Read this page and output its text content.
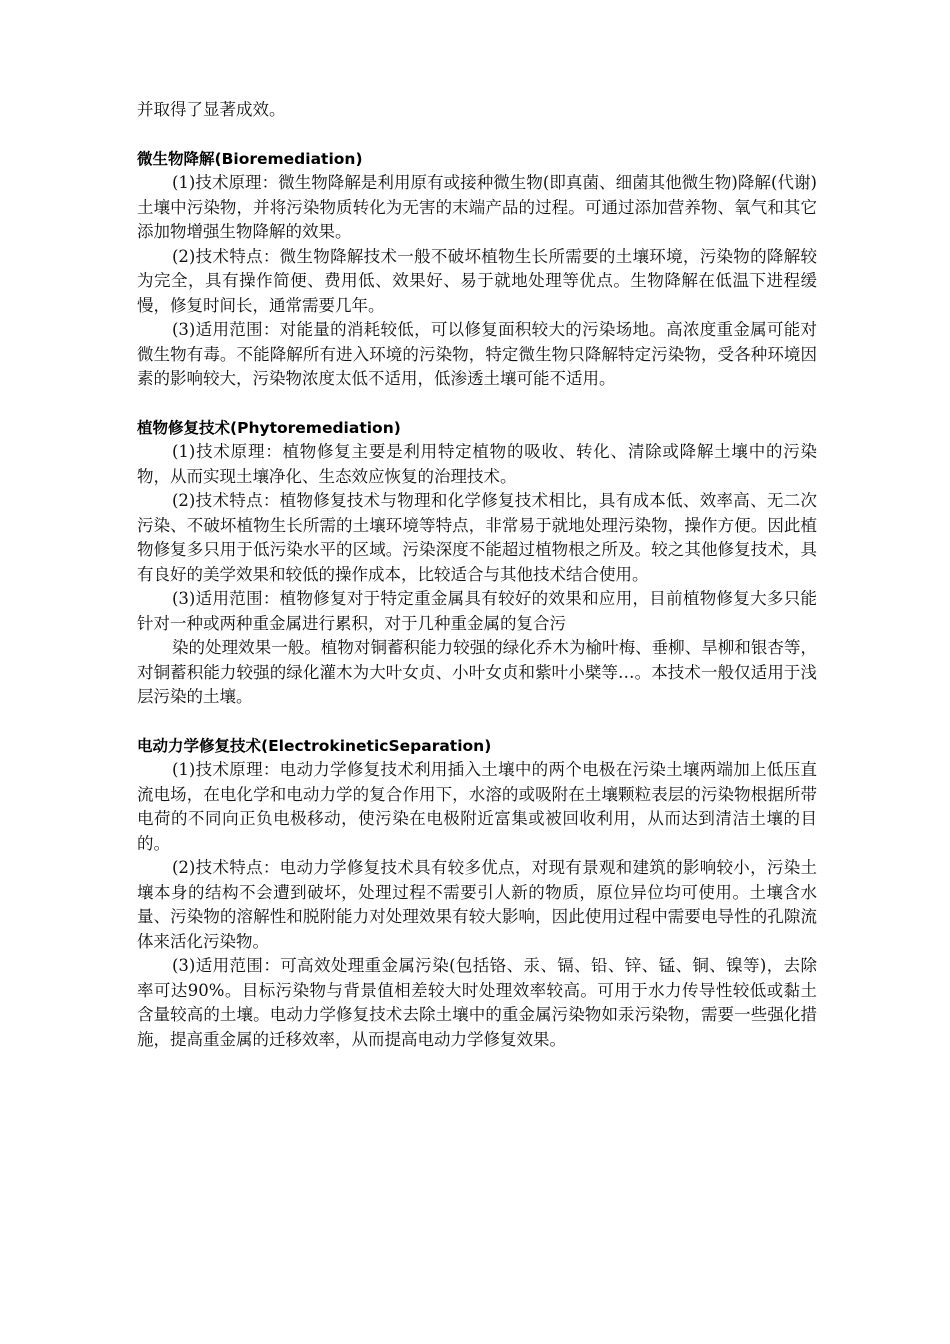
并取得了显著成效。

微生物降解(Bioremediation)

(1)技术原理：微生物降解是利用原有或接种微生物(即真菌、细菌其他微生物)降解(代谢)土壤中污染物，并将污染物质转化为无害的末端产品的过程。可通过添加营养物、氧气和其它添加物增强生物降解的效果。

(2)技术特点：微生物降解技术一般不破坏植物生长所需要的土壤环境，污染物的降解较为完全，具有操作简便、费用低、效果好、易于就地处理等优点。生物降解在低温下进程缓慢，修复时间长，通常需要几年。

(3)适用范围：对能量的消耗较低，可以修复面积较大的污染场地。高浓度重金属可能对微生物有毒。不能降解所有进入环境的污染物，特定微生物只降解特定污染物，受各种环境因素的影响较大，污染物浓度太低不适用，低渗透土壤可能不适用。

植物修复技术(Phytoremediation)

(1)技术原理：植物修复主要是利用特定植物的吸收、转化、清除或降解土壤中的污染物，从而实现土壤净化、生态效应恢复的治理技术。

(2)技术特点：植物修复技术与物理和化学修复技术相比，具有成本低、效率高、无二次污染、不破坏植物生长所需的土壤环境等特点，非常易于就地处理污染物，操作方便。因此植物修复多只用于低污染水平的区域。污染深度不能超过植物根之所及。较之其他修复技术，具有良好的美学效果和较低的操作成本，比较适合与其他技术结合使用。

(3)适用范围：植物修复对于特定重金属具有较好的效果和应用，目前植物修复大多只能针对一种或两种重金属进行累积，对于几种重金属的复合污

染的处理效果一般。植物对铜蓄积能力较强的绿化乔木为榆叶梅、垂柳、旱柳和银杏等，对铜蓄积能力较强的绿化灌木为大叶女贞、小叶女贞和紫叶小檗等…。本技术一般仅适用于浅层污染的土壤。

电动力学修复技术(ElectrokineticSeparation)

(1)技术原理：电动力学修复技术利用插入土壤中的两个电极在污染土壤两端加上低压直流电场，在电化学和电动力学的复合作用下，水溶的或吸附在土壤颗粒表层的污染物根据所带电荷的不同向正负电极移动，使污染在电极附近富集或被回收利用，从而达到清洁土壤的目的。

(2)技术特点：电动力学修复技术具有较多优点，对现有景观和建筑的影响较小，污染土壤本身的结构不会遭到破坏，处理过程不需要引人新的物质，原位异位均可使用。土壤含水量、污染物的溶解性和脱附能力对处理效果有较大影响，因此使用过程中需要电导性的孔隙流体来活化污染物。

(3)适用范围：可高效处理重金属污染(包括铬、汞、镉、铅、锌、锰、铜、镍等)，去除率可达90%。目标污染物与背景值相差较大时处理效率较高。可用于水力传导性较低或黏土含量较高的土壤。电动力学修复技术去除土壤中的重金属污染物如汞污染物，需要一些强化措施，提高重金属的迁移效率，从而提高电动力学修复效果。
